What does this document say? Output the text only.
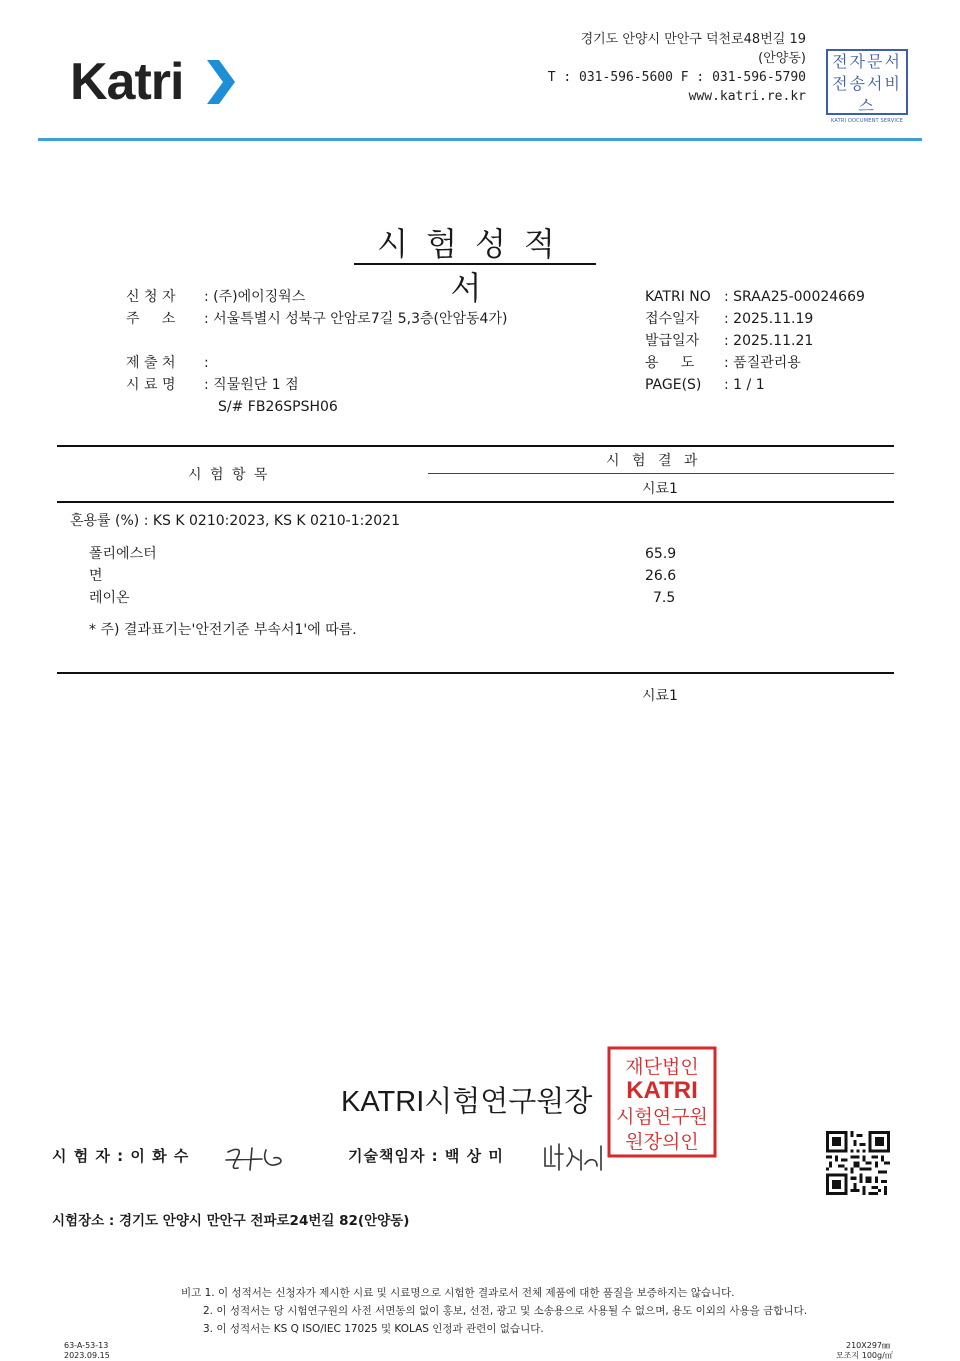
Katri
경기도 안양시 만안구 덕천로48번길 19
(안양동)
T : 031-596-5600 F : 031-596-5790
www.katri.re.kr
전자문서
전송서비스
KATRI DOCUMENT SERVICE
시험성적서
신 청 자 : (주)에이징웍스
주     소 : 서울특별시 성북구 안암로7길 5,3층(안암동4가)
제 출 처 :
시 료 명 : 직물원단 1 점
S/# FB26SPSH06
KATRI NO : SRAA25-00024669
접수일자 : 2025.11.19
발급일자 : 2025.11.21
용     도 : 품질관리용
PAGE(S) : 1 / 1
시 험 항 목
시 험 결 과
시료1
혼용률 (%) : KS K 0210:2023, KS K 0210-1:2021
폴리에스터	65.9
면	26.6
레이온	7.5
* 주) 결과표기는'안전기준 부속서1'에 따름.
시료1
KATRI시험연구원장
재단법인
KATRI
시험연구원
원장의인
시 험 자 : 이 화 수	기술책임자 : 백 상 미
시험장소 : 경기도 안양시 만안구 전파로24번길 82(안양동)
비고 1. 이 성적서는 신청자가 제시한 시료 및 시료명으로 시험한 결과로서 전체 제품에 대한 품질을 보증하지는 않습니다.
2. 이 성적서는 당 시험연구원의 사전 서면동의 없이 홍보, 선전, 광고 및 소송용으로 사용될 수 없으며, 용도 이외의 사용을 금합니다.
3. 이 성적서는 KS Q ISO/IEC 17025 및 KOLAS 인정과 관련이 없습니다.
63-A-53-13
2023.09.15
210X297㎜
모조지 100g/㎡
